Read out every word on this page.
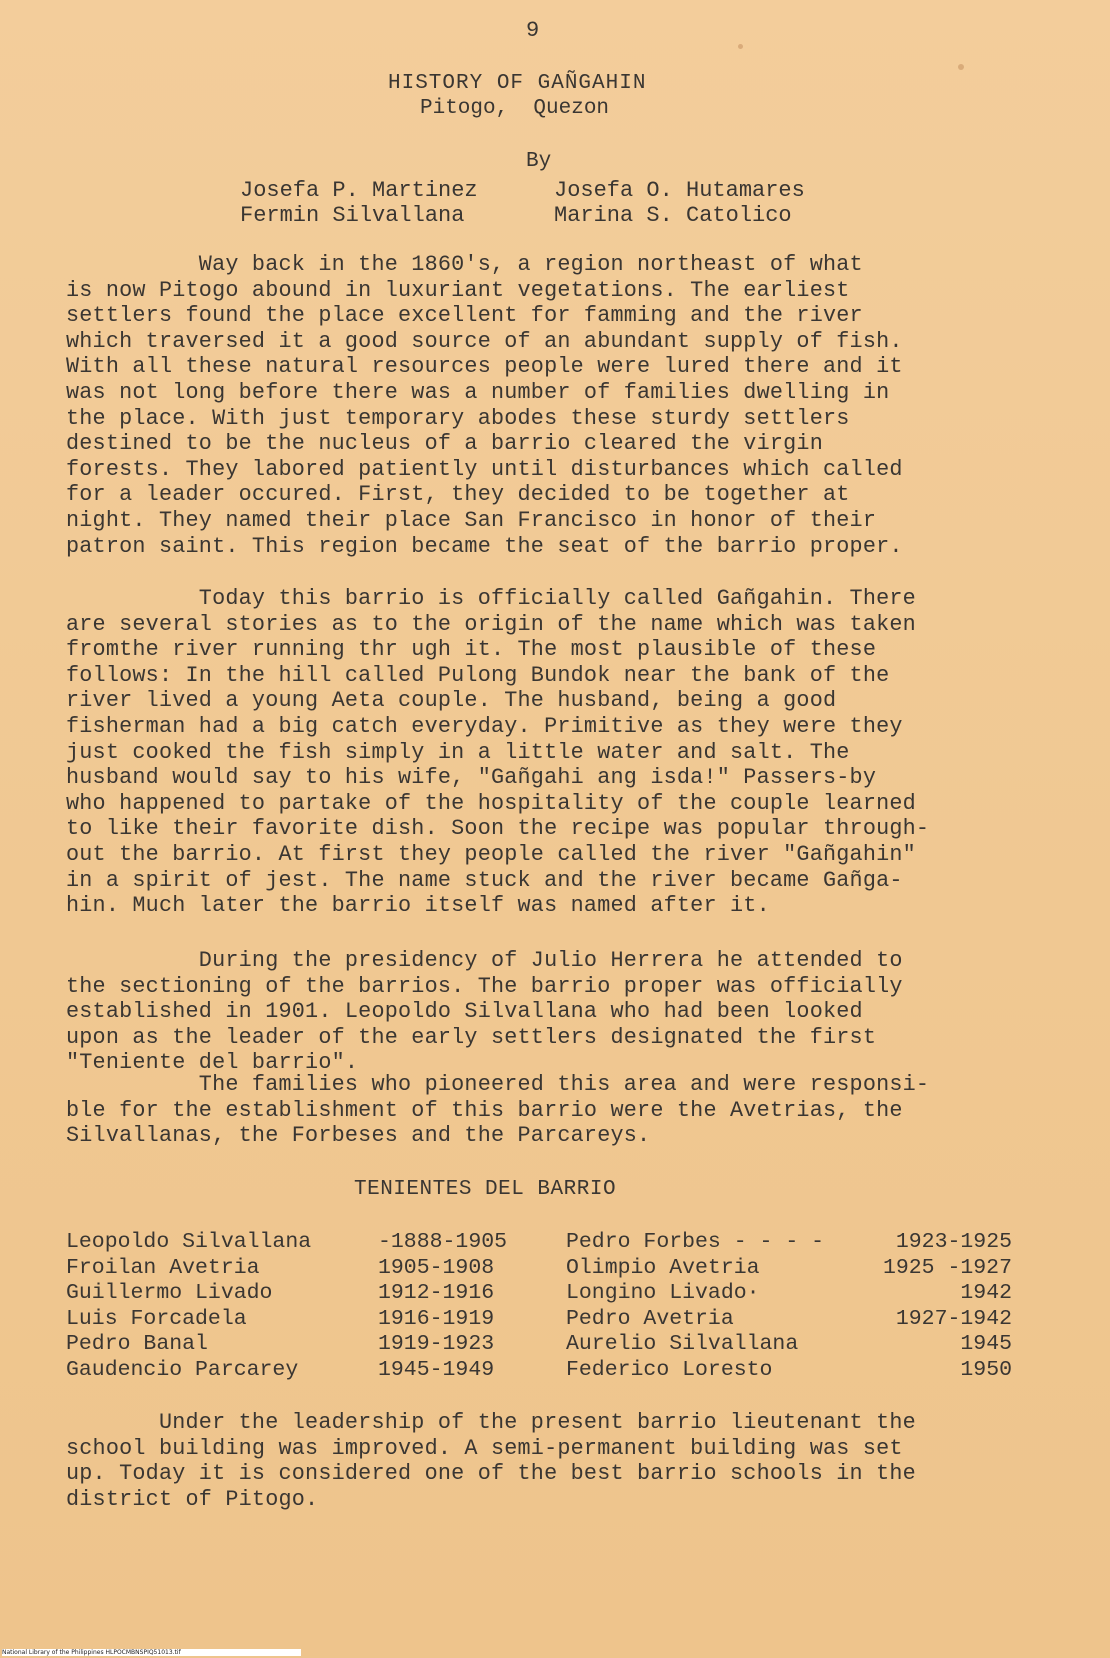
9
HISTORY OF GAÑGAHIN
Pitogo,  Quezon
By
Josefa P. Martinez	Josefa O. Hutamares
Fermin Silvallana	Marina S. Catolico
Way back in the 1860's, a region northeast of what
is now Pitogo abound in luxuriant vegetations. The earliest
settlers found the place excellent for famming and the river
which traversed it a good source of an abundant supply of fish.
With all these natural resources people were lured there and it
was not long before there was a number of families dwelling in
the place. With just temporary abodes these sturdy settlers
destined to be the nucleus of a barrio cleared the virgin
forests. They labored patiently until disturbances which called
for a leader occured. First, they decided to be together at
night. They named their place San Francisco in honor of their
patron saint. This region became the seat of the barrio proper.
Today this barrio is officially called Gañgahin. There
are several stories as to the origin of the name which was taken
fromthe river running thr ugh it. The most plausible of these
follows: In the hill called Pulong Bundok near the bank of the
river lived a young Aeta couple. The husband, being a good
fisherman had a big catch everyday. Primitive as they were they
just cooked the fish simply in a little water and salt. The
husband would say to his wife, "Gañgahi ang isda!" Passers-by
who happened to partake of the hospitality of the couple learned
to like their favorite dish. Soon the recipe was popular through-
out the barrio. At first they people called the river "Gañgahin"
in a spirit of jest. The name stuck and the river became Gañga-
hin. Much later the barrio itself was named after it.
During the presidency of Julio Herrera he attended to
the sectioning of the barrios. The barrio proper was officially
established in 1901. Leopoldo Silvallana who had been looked
upon as the leader of the early settlers designated the first
"Teniente del barrio".
The families who pioneered this area and were responsi-
ble for the establishment of this barrio were the Avetrias, the
Silvallanas, the Forbeses and the Parcareys.
TENIENTES DEL BARRIO
Leopoldo Silvallana
Froilan Avetria
Guillermo Livado
Luis Forcadela
Pedro Banal
Gaudencio Parcarey
-1888-1905
1905-1908
1912-1916
1916-1919
1919-1923
1945-1949
Pedro Forbes - - - -
Olimpio Avetria
Longino Livado·
Pedro Avetria
Aurelio Silvallana
Federico Loresto
1923-1925
1925 -1927
1942
1927-1942
1945
1950
Under the leadership of the present barrio lieutenant the
school building was improved. A semi-permanent building was set
up. Today it is considered one of the best barrio schools in the
district of Pitogo.
National Library of the Philippines HLPOCMBNSPIQ51013.tif
